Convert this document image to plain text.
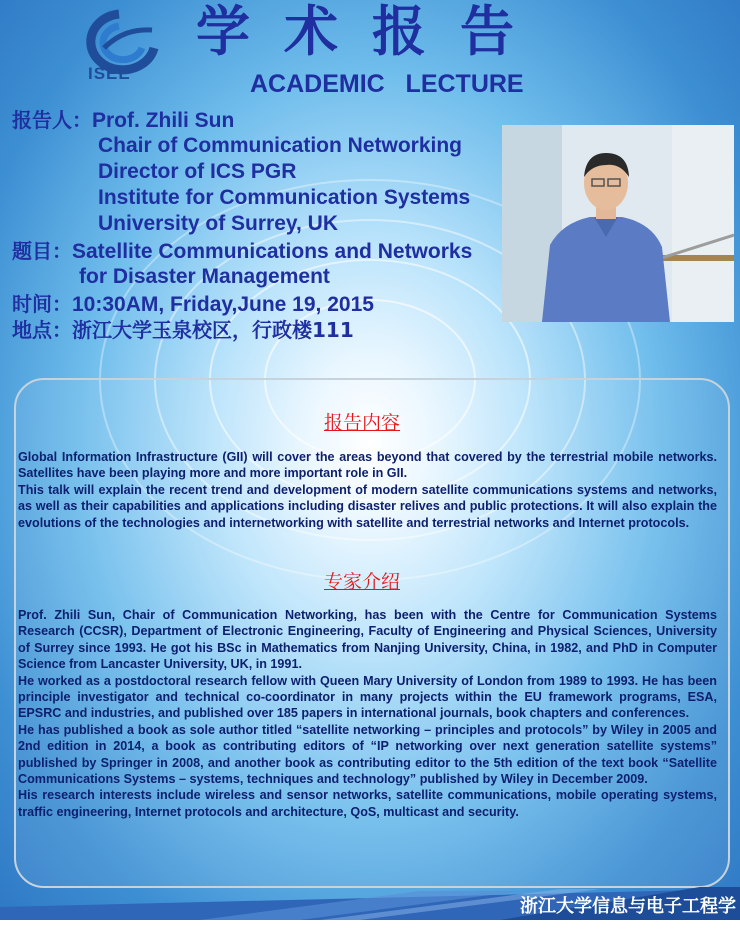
ISEE
学术报告
ACADEMIC   LECTURE
报告人：Prof. Zhili Sun
Chair of Communication Networking
Director of ICS PGR
Institute for Communication Systems
University of Surrey, UK
题目：Satellite Communications and Networks
for Disaster Management
时间：10:30AM, Friday,June 19, 2015
地点：浙江大学玉泉校区，行政楼111
报告内容

Global Information Infrastructure (GII) will cover the areas beyond that covered by the terrestrial mobile networks. Satellites have been playing more and more important role in GII.

This talk will explain the recent trend and development of modern satellite communications systems and networks, as well as their capabilities and applications including disaster relives and public protections. It will also explain the evolutions of the technologies and internetworking with satellite and terrestrial networks and Internet protocols.

专家介绍

Prof. Zhili Sun, Chair of Communication Networking, has been with the Centre for Communication Systems Research (CCSR), Department of Electronic Engineering, Faculty of Engineering and Physical Sciences, University of Surrey since 1993. He got his BSc in Mathematics from Nanjing University, China, in 1982, and PhD in Computer Science from Lancaster University, UK, in 1991.

He worked as a postdoctoral research fellow with Queen Mary University of London from 1989 to 1993. He has been principle investigator and technical co-coordinator in many projects within the EU framework programs, ESA, EPSRC and industries, and published over 185 papers in international journals, book chapters and conferences.

He has published a book as sole author titled “satellite networking – principles and protocols” by Wiley in 2005 and 2nd edition in 2014, a book as contributing editors of “IP networking over next generation satellite systems” published by Springer in 2008, and another book as contributing editor to the 5th edition of the text book “Satellite Communications Systems – systems, techniques and technology” published by Wiley in December 2009.

His research interests include wireless and sensor networks, satellite communications, mobile operating systems, traffic engineering, Internet protocols and architecture, QoS, multicast and security.

浙江大学信息与电子工程学系
